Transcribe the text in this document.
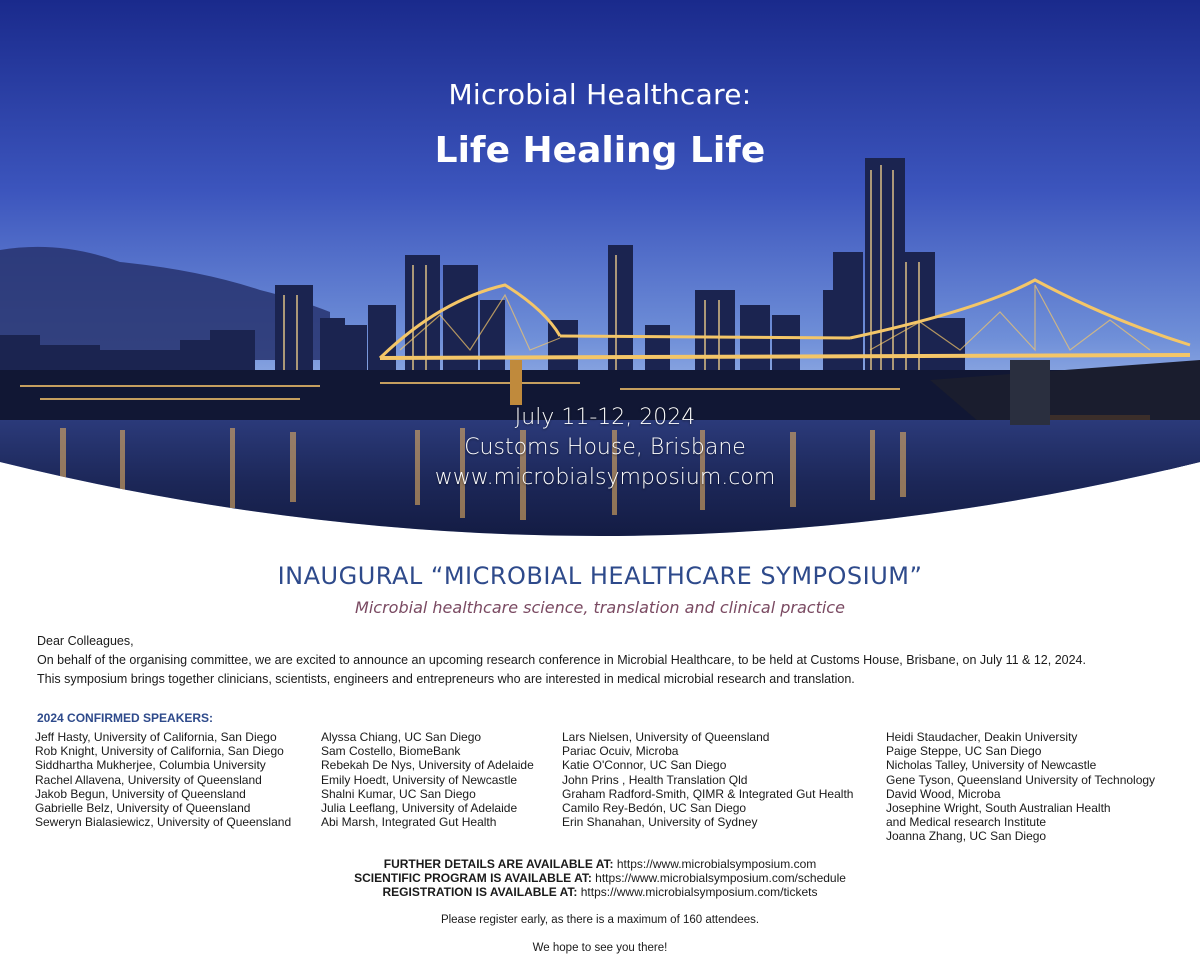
Microbial Healthcare:
Life Healing Life
July 11-12, 2024
Customs House, Brisbane
www.microbialsymposium.com
INAUGURAL “MICROBIAL HEALTHCARE SYMPOSIUM”
Microbial healthcare science, translation and clinical practice
Dear Colleagues,
On behalf of the organising committee, we are excited to announce an upcoming research conference in Microbial Healthcare, to be held at Customs House, Brisbane, on July 11 & 12, 2024.
This symposium brings together clinicians, scientists, engineers and entrepreneurs who are interested in medical microbial research and translation.
2024 CONFIRMED SPEAKERS:
Jeff Hasty, University of California, San Diego
Rob Knight, University of California, San Diego
Siddhartha Mukherjee, Columbia University
Rachel Allavena, University of Queensland
Jakob Begun, University of Queensland
Gabrielle Belz, University of Queensland
Seweryn Bialasiewicz, University of Queensland
Alyssa Chiang, UC San Diego
Sam Costello, BiomeBank
Rebekah De Nys, University of Adelaide
Emily Hoedt, University of Newcastle
Shalni Kumar, UC San Diego
Julia Leeflang, University of Adelaide
Abi Marsh, Integrated Gut Health
Lars Nielsen, University of Queensland
Pariac Ocuiv, Microba
Katie O'Connor, UC San Diego
John Prins , Health Translation Qld
Graham Radford-Smith, QIMR & Integrated Gut Health
Camilo Rey-Bedón, UC San Diego
Erin Shanahan, University of Sydney
Heidi Staudacher, Deakin University
Paige Steppe, UC San Diego
Nicholas Talley, University of Newcastle
Gene Tyson, Queensland University of Technology
David Wood, Microba
Josephine Wright, South Australian Health
and Medical research Institute
Joanna Zhang, UC San Diego
FURTHER DETAILS ARE AVAILABLE AT: https://www.microbialsymposium.com
SCIENTIFIC PROGRAM IS AVAILABLE AT: https://www.microbialsymposium.com/schedule
REGISTRATION IS AVAILABLE AT: https://www.microbialsymposium.com/tickets
Please register early, as there is a maximum of 160 attendees.
We hope to see you there!
